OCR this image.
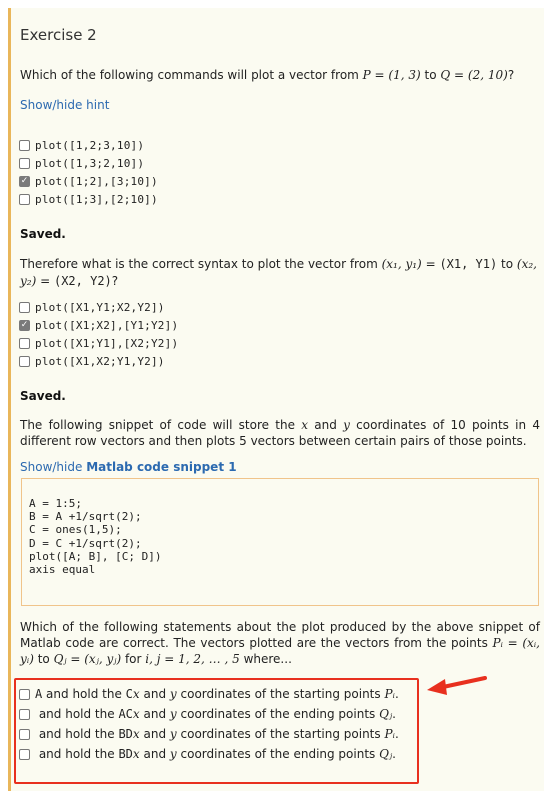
Exercise 2
Which of the following commands will plot a vector from P = (1, 3) to Q = (2, 10)?
Show/hide hint
plot([1,2;3,10])
plot([1,3;2,10])
✓ plot([1;2],[3;10])
plot([1;3],[2;10])
Saved.
Therefore what is the correct syntax to plot the vector from (x₁, y₁) = (X1, Y1) to (x₂, y₂) = (X2, Y2)?
plot([X1,Y1;X2,Y2])
✓ plot([X1;X2],[Y1;Y2])
plot([X1;Y1],[X2;Y2])
plot([X1,X2;Y1,Y2])
Saved.
The following snippet of code will store the x and y coordinates of 10 points in 4 different row vectors and then plots 5 vectors between certain pairs of those points.
Show/hide Matlab code snippet 1
A = 1:5;
B = A +1/sqrt(2);
C = ones(1,5);
D = C +1/sqrt(2);
plot([A; B], [C; D])
axis equal
Which of the following statements about the plot produced by the above snippet of Matlab code are correct. The vectors plotted are the vectors from the points Pᵢ = (xᵢ, yᵢ) to Qⱼ = (xⱼ, yⱼ) for i, j = 1, 2, … , 5 where...
A and hold the Cx and y coordinates of the starting points Pᵢ.
and hold the ACx and y coordinates of the ending points Qⱼ.
and hold the BDx and y coordinates of the starting points Pᵢ.
and hold the BDx and y coordinates of the ending points Qⱼ.
